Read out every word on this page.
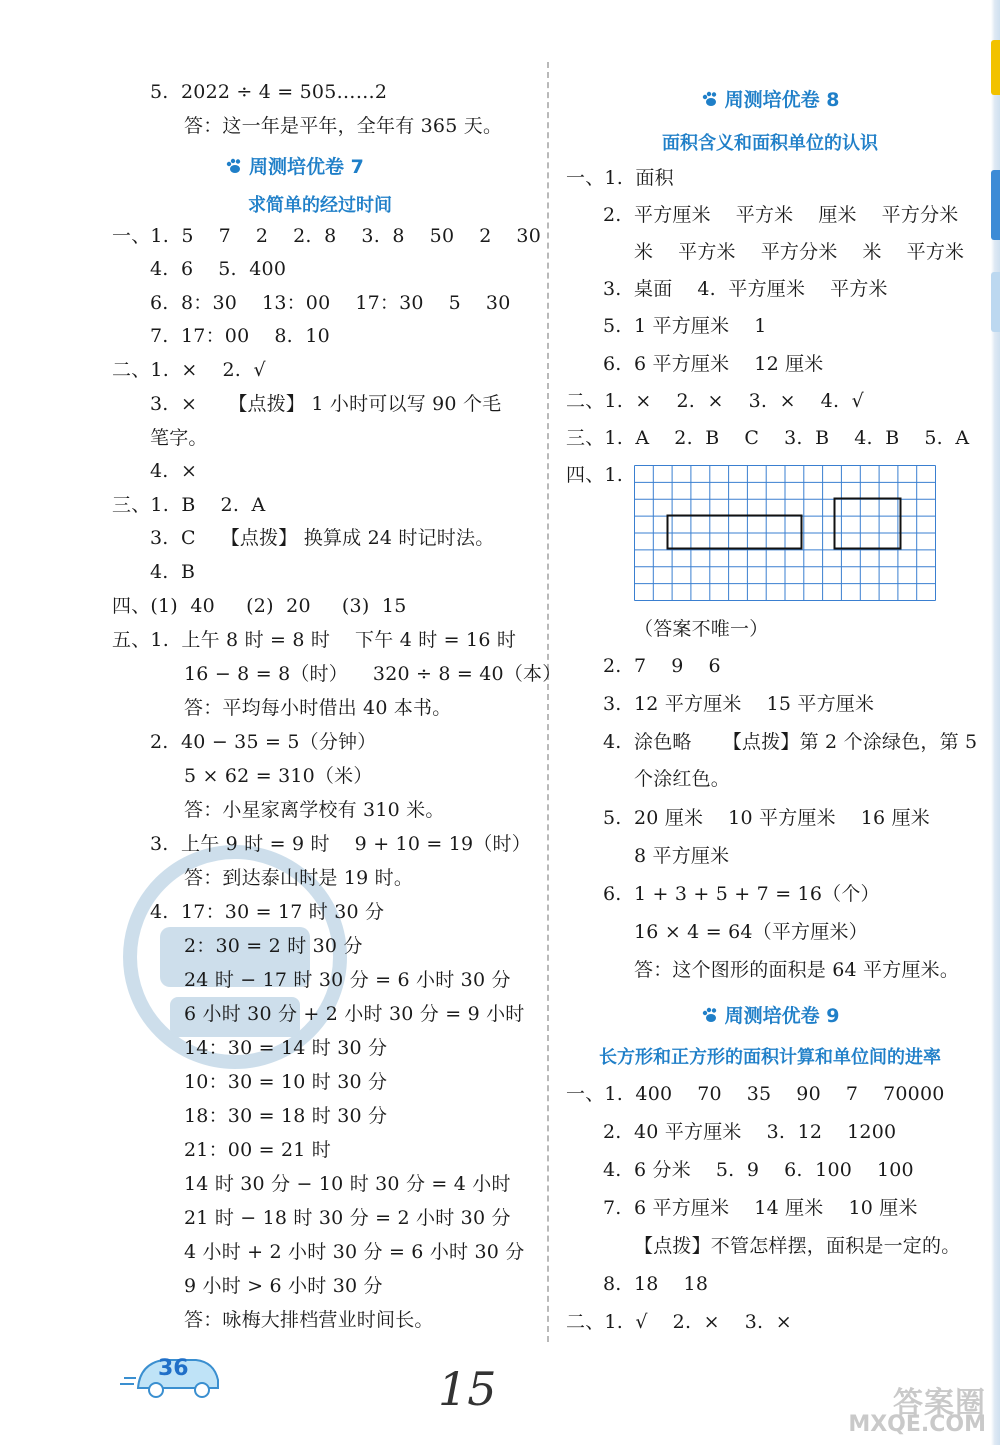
5.  2022 ÷ 4 = 505……2
答：这一年是平年，全年有 365 天。
周测培优卷 7
求简单的经过时间
一、1.  5    7    2    2.  8    3.  8    50    2    30
4.  6    5.  400
6.  8：30    13：00    17：30    5    30
7.  17：00    8.  10
二、1.  ×    2.  √
3.  ×     【点拨】 1 小时可以写 90 个毛
笔字。
4.  ×
三、1.  B    2.  A
3.  C    【点拨】 换算成 24 时记时法。
4.  B
四、(1)  40     (2)  20     (3)  15
五、1.  上午 8 时 = 8 时    下午 4 时 = 16 时
16 − 8 = 8（时）    320 ÷ 8 = 40（本）
答：平均每小时借出 40 本书。
2.  40 − 35 = 5（分钟）
5 × 62 = 310（米）
答：小星家离学校有 310 米。
3.  上午 9 时 = 9 时    9 + 10 = 19（时）
答：到达泰山时是 19 时。
4.  17：30 = 17 时 30 分
2：30 = 2 时 30 分
24 时 − 17 时 30 分 = 6 小时 30 分
6 小时 30 分 + 2 小时 30 分 = 9 小时
14：30 = 14 时 30 分
10：30 = 10 时 30 分
18：30 = 18 时 30 分
21：00 = 21 时
14 时 30 分 − 10 时 30 分 = 4 小时
21 时 − 18 时 30 分 = 2 小时 30 分
4 小时 + 2 小时 30 分 = 6 小时 30 分
9 小时 > 6 小时 30 分
答：咏梅大排档营业时间长。
周测培优卷 8
面积含义和面积单位的认识
一、1.  面积
2.  平方厘米    平方米    厘米    平方分米
米    平方米    平方分米    米    平方米
3.  桌面    4.  平方厘米    平方米
5.  1 平方厘米    1
6.  6 平方厘米    12 厘米
二、1.  ×    2.  ×    3.  ×    4.  √
三、1.  A    2.  B    C    3.  B    4.  B    5.  A
四、1.
（答案不唯一）
2.  7    9    6
3.  12 平方厘米    15 平方厘米
4.  涂色略     【点拨】第 2 个涂绿色，第 5
个涂红色。
5.  20 厘米    10 平方厘米    16 厘米
8 平方厘米
6.  1 + 3 + 5 + 7 = 16（个）
16 × 4 = 64（平方厘米）
答：这个图形的面积是 64 平方厘米。
周测培优卷 9
长方形和正方形的面积计算和单位间的进率
一、1.  400    70    35    90    7    70000
2.  40 平方厘米    3.  12    1200
4.  6 分米    5.  9    6.  100    100
7.  6 平方厘米    14 厘米    10 厘米
【点拨】不管怎样摆，面积是一定的。
8.  18    18
二、1.  √    2.  ×    3.  ×
36	15	答案圈
MXQE.COM
